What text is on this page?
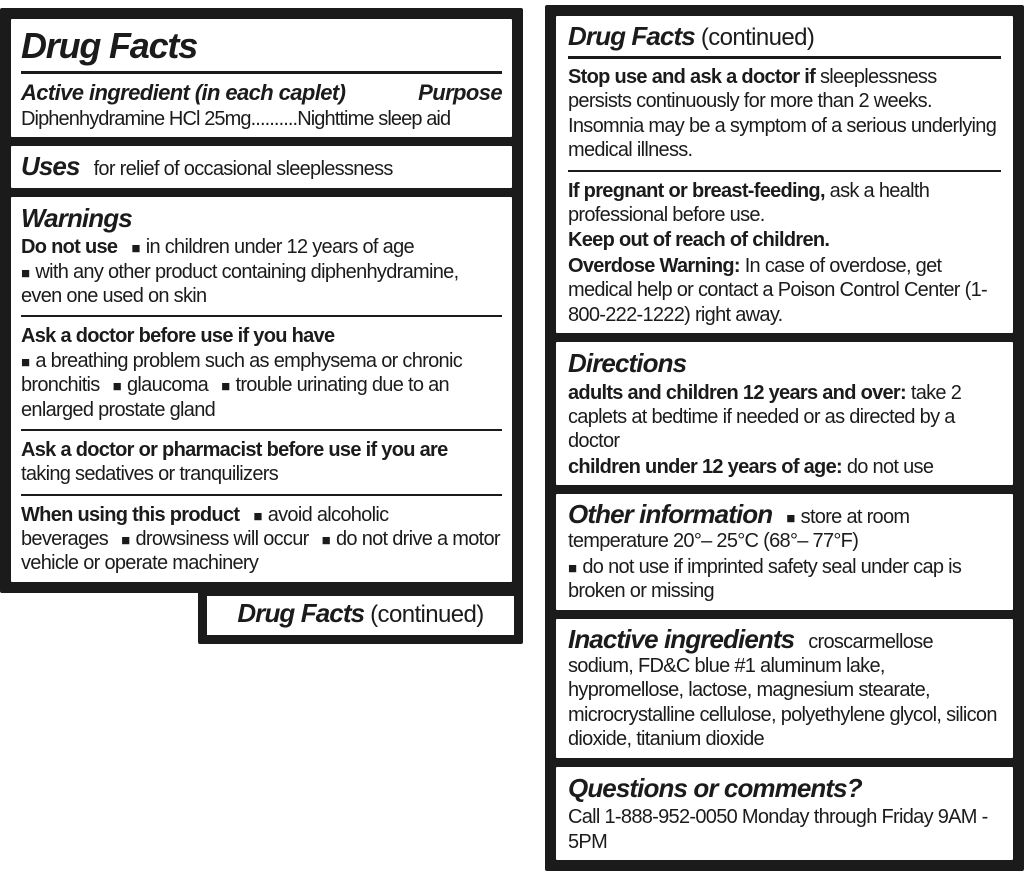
Drug Facts
Active ingredient (in each caplet)	Purpose

Diphenhydramine HCl 25mg..........Nighttime sleep aid

Uses for relief of occasional sleeplessness

Warnings

Do not use ■ in children under 12 years of age
■ with any other product containing diphenhydramine, even one used on skin

Ask a doctor before use if you have
■ a breathing problem such as emphysema or chronic bronchitis ■ glaucoma ■ trouble urinating due to an enlarged prostate gland

Ask a doctor or pharmacist before use if you are
taking sedatives or tranquilizers

When using this product ■ avoid alcoholic beverages ■ drowsiness will occur ■ do not drive a motor vehicle or operate machinery

Drug Facts (continued)
Drug Facts (continued)

Stop use and ask a doctor if sleeplessness persists continuously for more than 2 weeks. Insomnia may be a symptom of a serious underlying medical illness.

If pregnant or breast-feeding, ask a health professional before use.

Keep out of reach of children.

Overdose Warning: In case of overdose, get medical help or contact a Poison Control Center (1-800-222-1222) right away.

Directions

adults and children 12 years and over: take 2 caplets at bedtime if needed or as directed by a doctor

children under 12 years of age: do not use

Other information ■ store at room temperature 20°– 25°C (68°– 77°F)

■ do not use if imprinted safety seal under cap is broken or missing

Inactive ingredients croscarmellose sodium, FD&C blue #1 aluminum lake, hypromellose, lactose, magnesium stearate, microcrystalline cellulose, polyethylene glycol, silicon dioxide, titanium dioxide

Questions or comments?

Call 1-888-952-0050 Monday through Friday 9AM - 5PM
